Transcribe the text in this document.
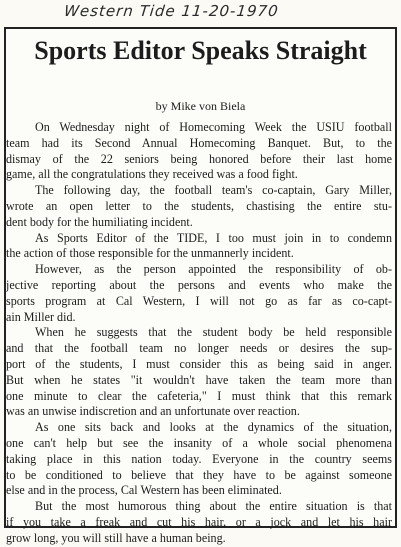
Western Tide 11-20-1970
Sports Editor Speaks Straight
by Mike von Biela
On Wednesday night of Homecoming Week the USIU football
team had its Second Annual Homecoming Banquet. But, to the
dismay of the 22 seniors being honored before their last home
game, all the congratulations they received was a food fight.
The following day, the football team's co-captain, Gary Miller,
wrote an open letter to the students, chastising the entire stu-
dent body for the humiliating incident.
As Sports Editor of the TIDE, I too must join in to condemn
the action of those responsible for the unmannerly incident.
However, as the person appointed the responsibility of ob-
jective reporting about the persons and events who make the
sports program at Cal Western, I will not go as far as co-capt-
ain Miller did.
When he suggests that the student body be held responsible
and that the football team no longer needs or desires the sup-
port of the students, I must consider this as being said in anger.
But when he states "it wouldn't have taken the team more than
one minute to clear the cafeteria," I must think that this remark
was an unwise indiscretion and an unfortunate over reaction.
As one sits back and looks at the dynamics of the situation,
one can't help but see the insanity of a whole social phenomena
taking place in this nation today. Everyone in the country seems
to be conditioned to believe that they have to be against someone
else and in the process, Cal Western has been eliminated.
But the most humorous thing about the entire situation is that
if you take a freak and cut his hair, or a jock and let his hair
grow long, you will still have a human being.
